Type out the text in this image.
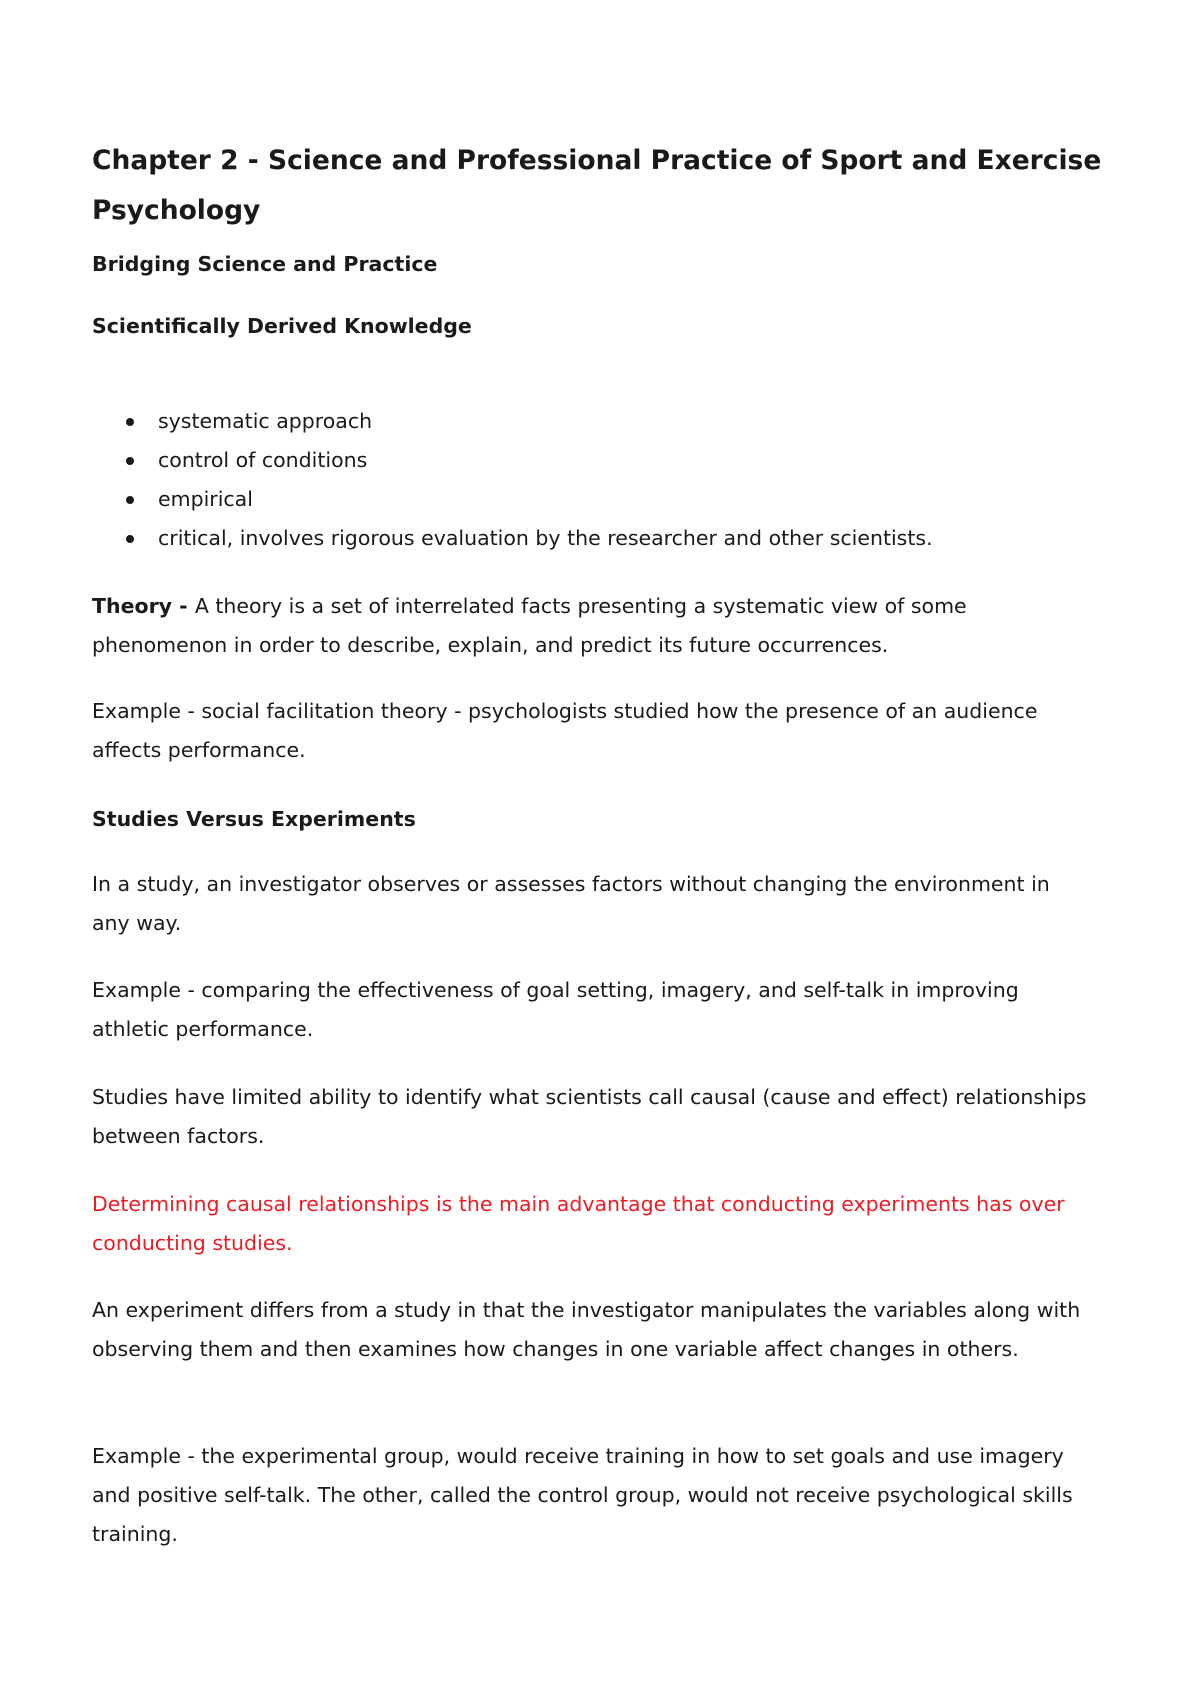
Chapter 2 - Science and Professional Practice of Sport and Exercise Psychology
Bridging Science and Practice
Scientifically Derived Knowledge
systematic approach
control of conditions
empirical
critical, involves rigorous evaluation by the researcher and other scientists.

Theory - A theory is a set of interrelated facts presenting a systematic view of some phenomenon in order to describe, explain, and predict its future occurrences.

Example - social facilitation theory - psychologists studied how the presence of an audience affects performance.

Studies Versus Experiments

In a study, an investigator observes or assesses factors without changing the environment in any way.

Example - comparing the effectiveness of goal setting, imagery, and self-talk in improving athletic performance.

Studies have limited ability to identify what scientists call causal (cause and effect) relationships between factors.

Determining causal relationships is the main advantage that conducting experiments has over conducting studies.

An experiment differs from a study in that the investigator manipulates the variables along with observing them and then examines how changes in one variable affect changes in others.

Example - the experimental group, would receive training in how to set goals and use imagery and positive self-talk. The other, called the control group, would not receive psychological skills training.
